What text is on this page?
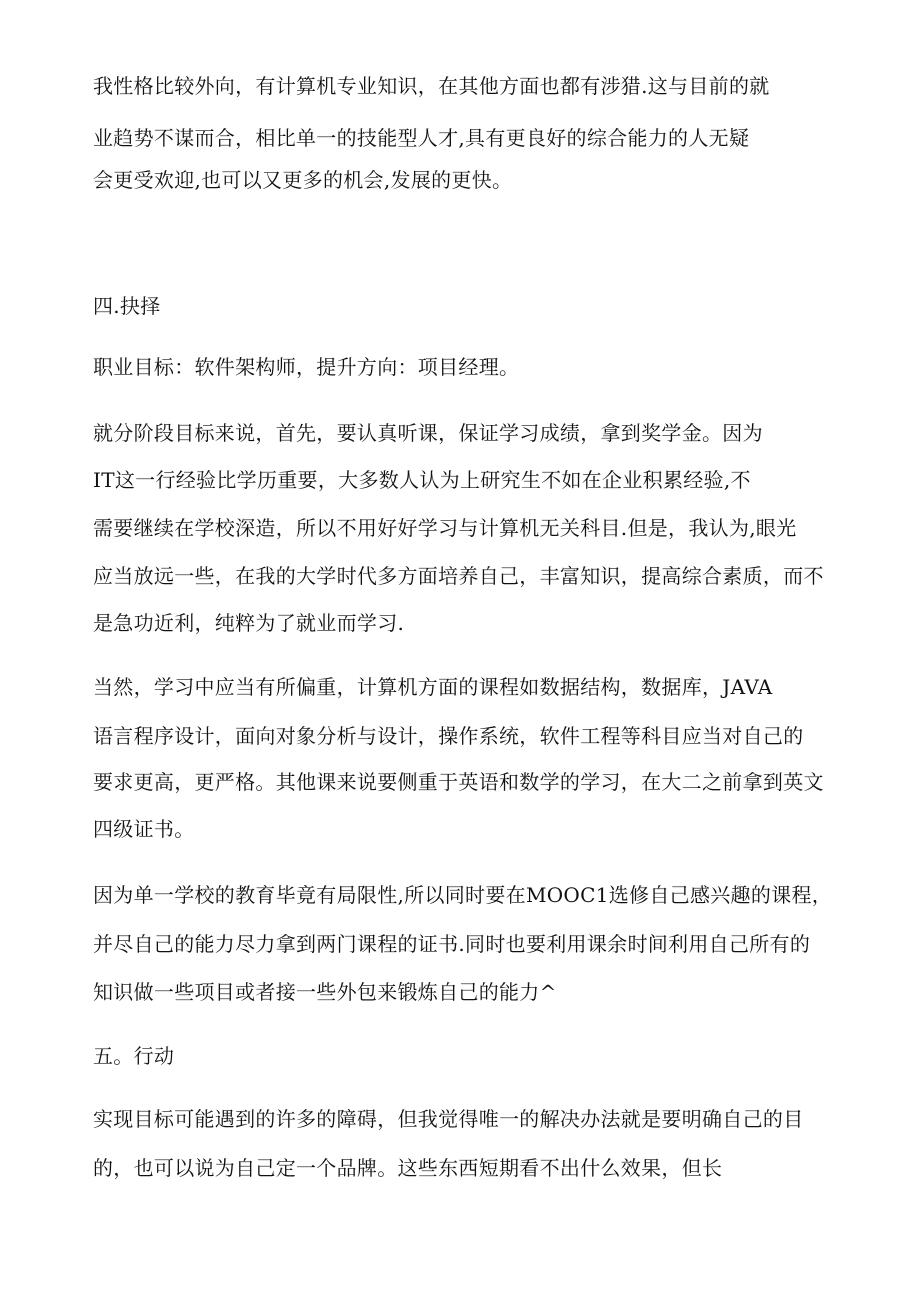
我性格比较外向，有计算机专业知识，在其他方面也都有涉猎.这与目前的就
业趋势不谋而合，相比单一的技能型人才,具有更良好的综合能力的人无疑
会更受欢迎,也可以又更多的机会,发展的更快。
四.抉择
职业目标：软件架构师，提升方向：项目经理。
就分阶段目标来说，首先，要认真听课，保证学习成绩，拿到奖学金。因为
IT这一行经验比学历重要，大多数人认为上研究生不如在企业积累经验,不
需要继续在学校深造，所以不用好好学习与计算机无关科目.但是，我认为,眼光
应当放远一些，在我的大学时代多方面培养自己，丰富知识，提高综合素质，而不
是急功近利，纯粹为了就业而学习.
当然，学习中应当有所偏重，计算机方面的课程如数据结构，数据库，JAVA
语言程序设计，面向对象分析与设计，操作系统，软件工程等科目应当对自己的
要求更高，更严格。其他课来说要侧重于英语和数学的学习，在大二之前拿到英文
四级证书。
因为单一学校的教育毕竟有局限性,所以同时要在MOOC1选修自己感兴趣的课程，
并尽自己的能力尽力拿到两门课程的证书.同时也要利用课余时间利用自己所有的
知识做一些项目或者接一些外包来锻炼自己的能力^
五。行动
实现目标可能遇到的许多的障碍，但我觉得唯一的解决办法就是要明确自己的目
的，也可以说为自己定一个品牌。这些东西短期看不出什么效果，但长
